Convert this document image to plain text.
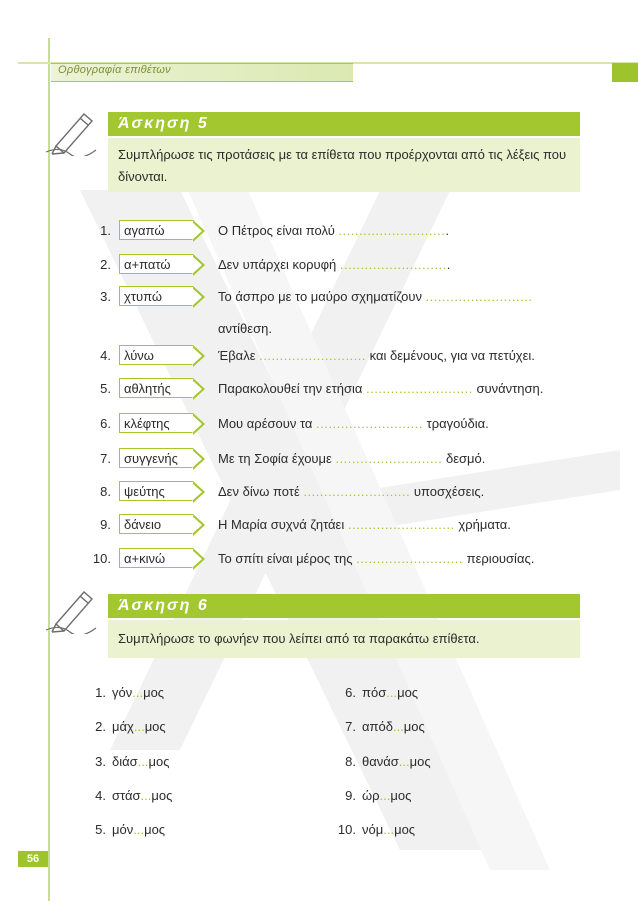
Ορθογραφία επιθέτων
Άσκηση 5
Συμπλήρωσε τις προτάσεις με τα επίθετα που προέρχονται από τις λέξεις που δίνονται.
1.	αγαπώ	Ο Πέτρος είναι πολύ ...........................
2.	α+πατώ	Δεν υπάρχει κορυφή ...........................
3.	χτυπώ	Το άσπρο με το μαύρο σχηματίζουν ..........................
αντίθεση.
4.	λύνω	Έβαλε .......................... και δεμένους, για να πετύχει.
5.	αθλητής	Παρακολουθεί την ετήσια .......................... συνάντηση.
6.	κλέφτης	Μου αρέσουν τα .......................... τραγούδια.
7.	συγγενής	Με τη Σοφία έχουμε .......................... δεσμό.
8.	ψεύτης	Δεν δίνω ποτέ .......................... υποσχέσεις.
9.	δάνειο	Η Μαρία συχνά ζητάει .......................... χρήματα.
10.	α+κινώ	Το σπίτι είναι μέρος της .......................... περιουσίας.
Άσκηση 6
Συμπλήρωσε το φωνήεν που λείπει από τα παρακάτω επίθετα.
1. γόν...μος
2. μάχ...μος
3. διάσ...μος
4. στάσ...μος
5. μόν...μος
6. πόσ...μος
7. απόδ...μος
8. θανάσ...μος
9. ώρ...μος
10. νόμ...μος
56
